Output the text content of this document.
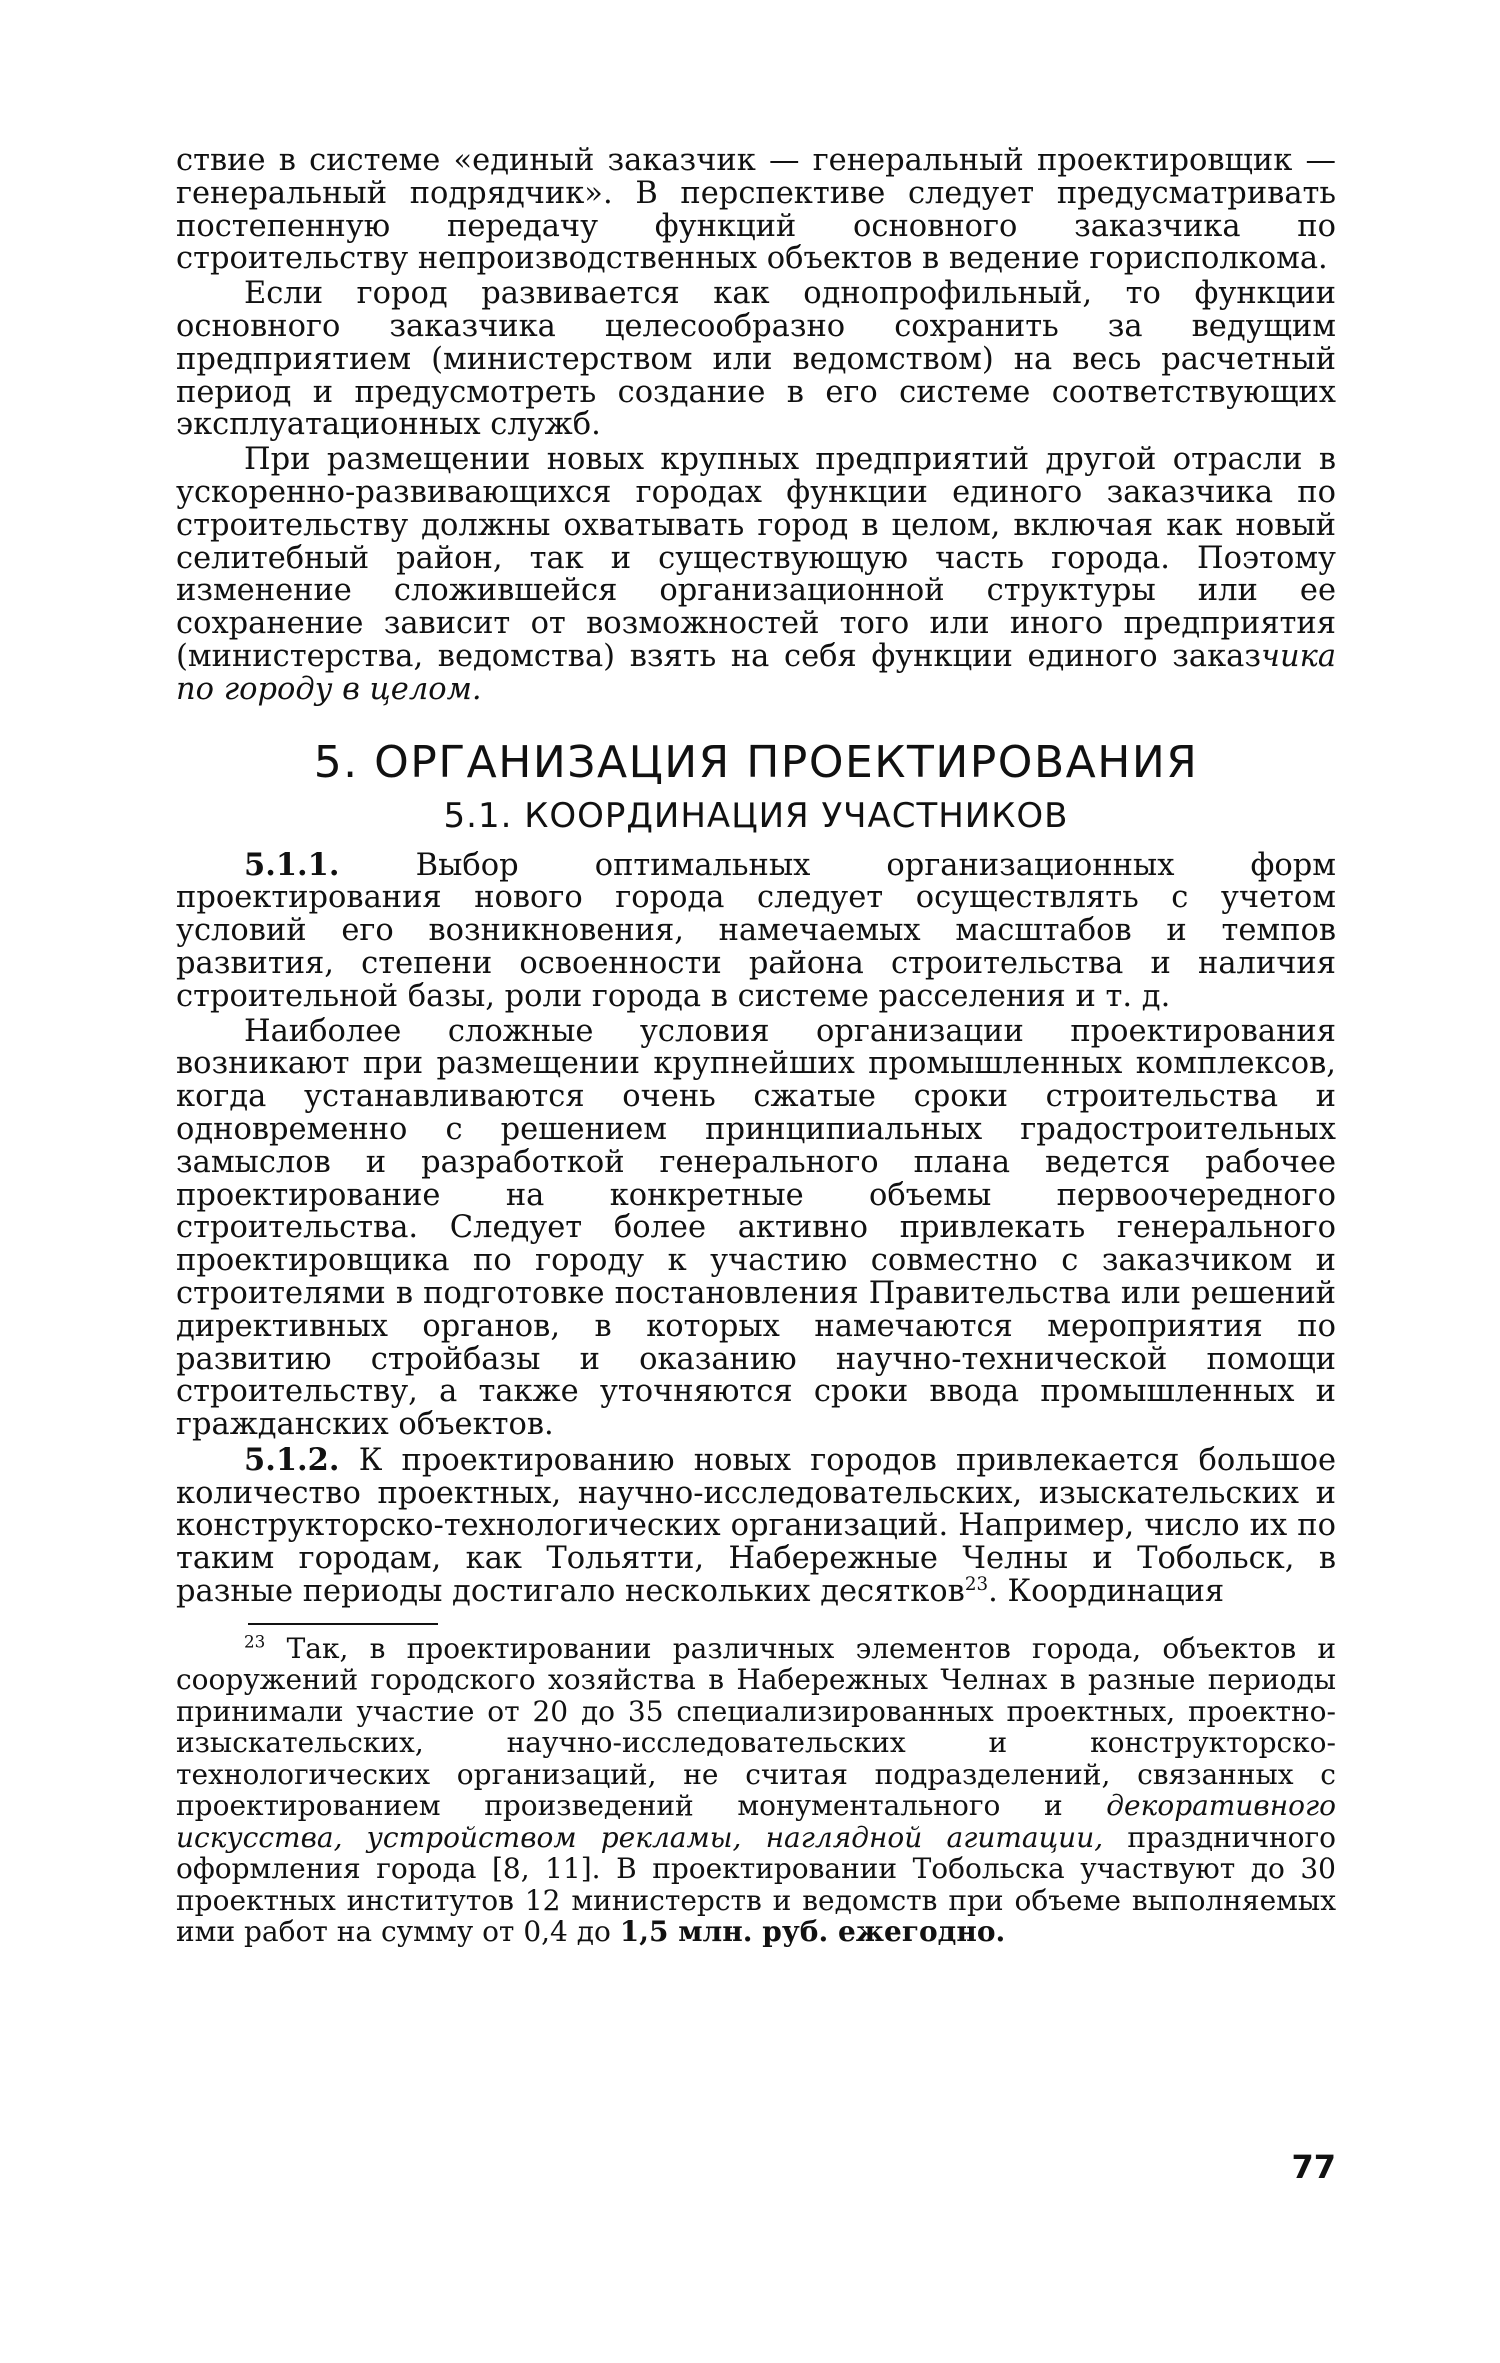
ствие в системе «единый заказчик — генеральный проектировщик — генеральный подрядчик». В перспективе следует предусматривать постепенную передачу функций основного заказчика по строительству непроизводственных объектов в ведение горисполкома.

Если город развивается как однопрофильный, то функции основного заказчика целесообразно сохранить за ведущим предприятием (министерством или ведомством) на весь расчетный период и предусмотреть создание в его системе соответствующих эксплуатационных служб.

При размещении новых крупных предприятий другой отрасли в ускоренно-развивающихся городах функции единого заказчика по строительству должны охватывать город в целом, включая как новый селитебный район, так и существующую часть города. Поэтому изменение сложившейся организационной структуры или ее сохранение зависит от возможностей того или иного предприятия (министерства, ведомства) взять на себя функции единого заказчика по городу в целом.

5. ОРГАНИЗАЦИЯ ПРОЕКТИРОВАНИЯ
5.1. КООРДИНАЦИЯ УЧАСТНИКОВ

5.1.1. Выбор оптимальных организационных форм проектирования нового города следует осуществлять с учетом условий его возникновения, намечаемых масштабов и темпов развития, степени освоенности района строительства и наличия строительной базы, роли города в системе расселения и т. д.

Наиболее сложные условия организации проектирования возникают при размещении крупнейших промышленных комплексов, когда устанавливаются очень сжатые сроки строительства и одновременно с решением принципиальных градостроительных замыслов и разработкой генерального плана ведется рабочее проектирование на конкретные объемы первоочередного строительства. Следует более активно привлекать генерального проектировщика по городу к участию совместно с заказчиком и строителями в подготовке постановления Правительства или решений директивных органов, в которых намечаются мероприятия по развитию стройбазы и оказанию научно-технической помощи строительству, а также уточняются сроки ввода промышленных и гражданских объектов.

5.1.2. К проектированию новых городов привлекается большое количество проектных, научно-исследовательских, изыскательских и конструкторско-технологических организаций. Например, число их по таким городам, как Тольятти, Набережные Челны и Тобольск, в разные периоды достигало нескольких десятков$^{23}$. Координация

$^{23}$ Так, в проектировании различных элементов города, объектов и сооружений городского хозяйства в Набережных Челнах в разные периоды принимали участие от 20 до 35 специализированных проектных, проектно-изыскательских, научно-исследовательских и конструкторско-технологических организаций, не считая подразделений, связанных с проектированием произведений монументального и декоративного искусства, устройством рекламы, наглядной агитации, праздничного оформления города [8, 11]. В проектировании Тобольска участвуют до 30 проектных институтов 12 министерств и ведомств при объеме выполняемых ими работ на сумму от 0,4 до 1,5 млн. руб. ежегодно.

77
